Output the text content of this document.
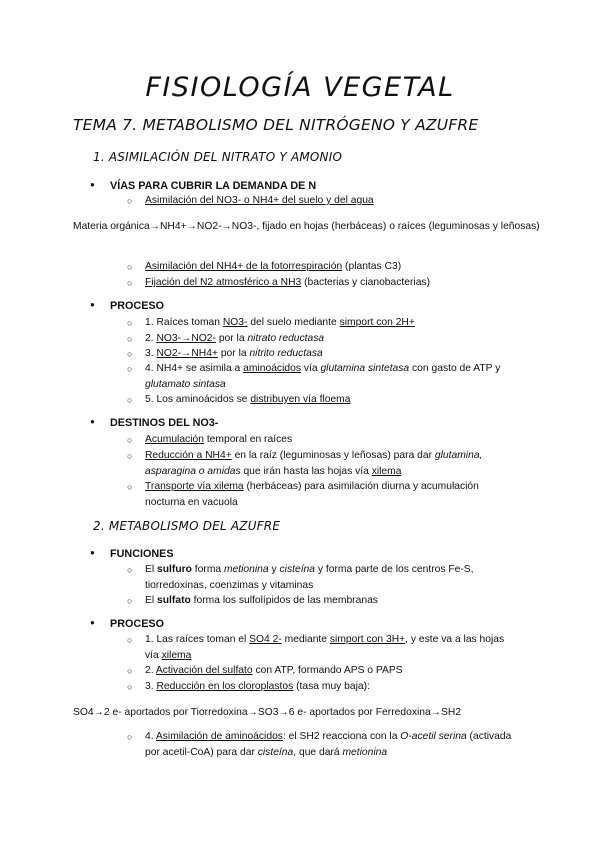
FISIOLOGÍA VEGETAL
TEMA 7. METABOLISMO DEL NITRÓGENO Y AZUFRE
1. ASIMILACIÓN DEL NITRATO Y AMONIO
● VÍAS PARA CUBRIR LA DEMANDA DE N
○ Asimilación del NO3- o NH4+ del suelo y del agua
Materia orgánica→NH4+→NO2-→NO3-, fijado en hojas (herbáceas) o raíces (leguminosas y leñosas)
○ Asimilación del NH4+ de la fotorrespiración (plantas C3)
○ Fijación del N2 atmosférico a NH3 (bacterias y cianobacterias)
● PROCESO
○ 1. Raíces toman NO3- del suelo mediante simport con 2H+
○ 2. NO3-→NO2- por la nitrato reductasa
○ 3. NO2-→NH4+ por la nitrito reductasa
○ 4. NH4+ se asimila a aminoácidos vía glutamina sintetasa con gasto de ATP y glutamato sintasa
○ 5. Los aminoácidos se distribuyen vía floema
● DESTINOS DEL NO3-
○ Acumulación temporal en raíces
○ Reducción a NH4+ en la raíz (leguminosas y leñosas) para dar glutamina, asparagina o amidas que irán hasta las hojas vía xilema
○ Transporte vía xilema (herbáceas) para asimilación diurna y acumulación nocturna en vacuola
2. METABOLISMO DEL AZUFRE
● FUNCIONES
○ El sulfuro forma metionina y cisteína y forma parte de los centros Fe-S, tiorredoxinas, coenzimas y vitaminas
○ El sulfato forma los sulfolípidos de las membranas
● PROCESO
○ 1. Las raíces toman el SO4 2- mediante simport con 3H+, y este va a las hojas vía xilema
○ 2. Activación del sulfato con ATP, formando APS o PAPS
○ 3. Reducción en los cloroplastos (tasa muy baja):
SO4→2 e- aportados por Tiorredoxina→SO3→6 e- aportados por Ferredoxina→SH2
○ 4. Asimilación de aminoácidos: el SH2 reacciona con la O-acetil serina (activada por acetil-CoA) para dar cisteína, que dará metionina
